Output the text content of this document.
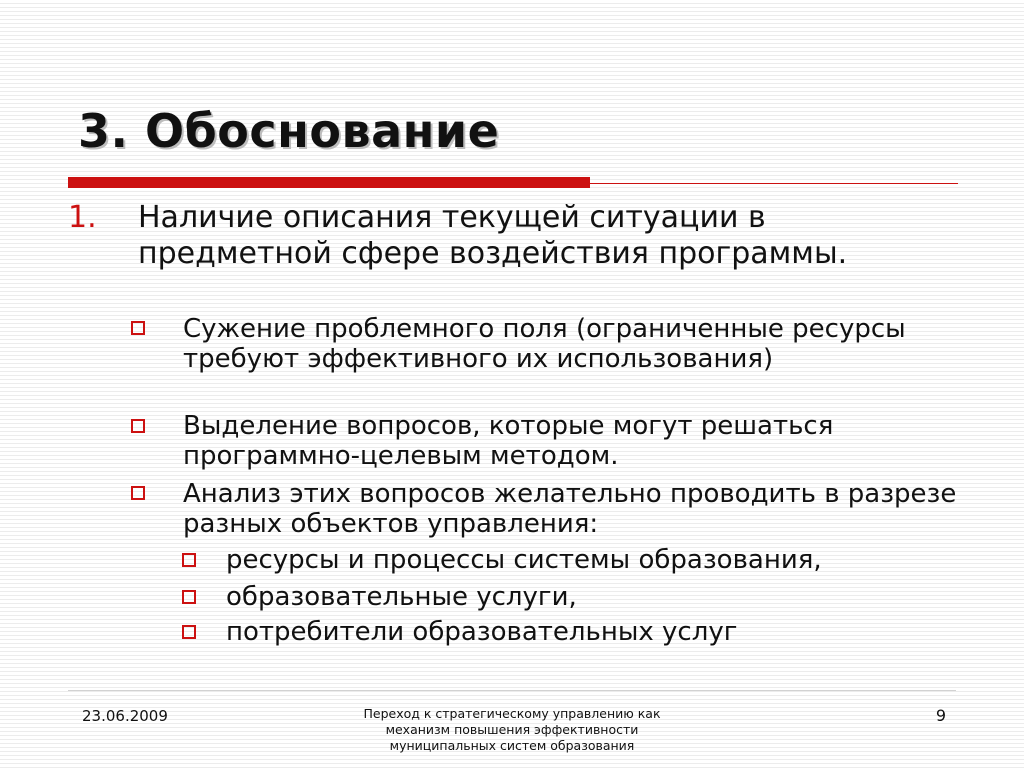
3. Обоснование
1. Наличие описания текущей ситуации в предметной сфере воздействия программы.
Сужение проблемного поля (ограниченные ресурсы требуют эффективного их использования)
Выделение вопросов, которые могут решаться программно-целевым методом.
Анализ этих вопросов желательно проводить в разрезе разных объектов управления:
ресурсы и процессы системы образования,
образовательные услуги,
потребители образовательных услуг
23.06.2009	Переход к стратегическому управлению как механизм повышения эффективности муниципальных систем образования
9
